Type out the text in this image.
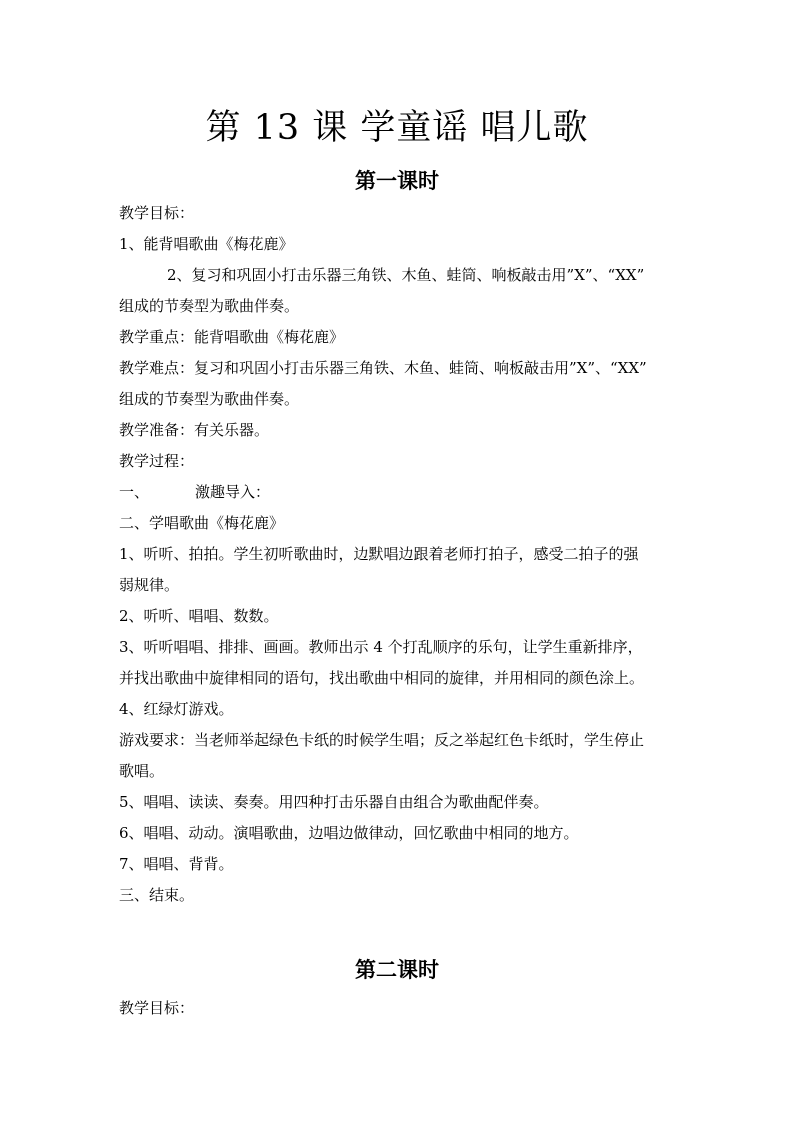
第 13 课 学童谣 唱儿歌
第一课时

教学目标：

1、能背唱歌曲《梅花鹿》

2、复习和巩固小打击乐器三角铁、木鱼、蛙筒、响板敲击用”X”、“XX”

组成的节奏型为歌曲伴奏。

教学重点：能背唱歌曲《梅花鹿》

教学难点：复习和巩固小打击乐器三角铁、木鱼、蛙筒、响板敲击用”X”、“XX”

组成的节奏型为歌曲伴奏。

教学准备：有关乐器。

教学过程：

一、	激趣导入：

二、学唱歌曲《梅花鹿》

1、听听、拍拍。学生初听歌曲时，边默唱边跟着老师打拍子，感受二拍子的强

弱规律。

2、听听、唱唱、数数。

3、听听唱唱、排排、画画。教师出示 4 个打乱顺序的乐句，让学生重新排序，

并找出歌曲中旋律相同的语句，找出歌曲中相同的旋律，并用相同的颜色涂上。

4、红绿灯游戏。

游戏要求：当老师举起绿色卡纸的时候学生唱；反之举起红色卡纸时，学生停止

歌唱。

5、唱唱、读读、奏奏。用四种打击乐器自由组合为歌曲配伴奏。

6、唱唱、动动。演唱歌曲，边唱边做律动，回忆歌曲中相同的地方。

7、唱唱、背背。

三、结束。

第二课时

教学目标：
